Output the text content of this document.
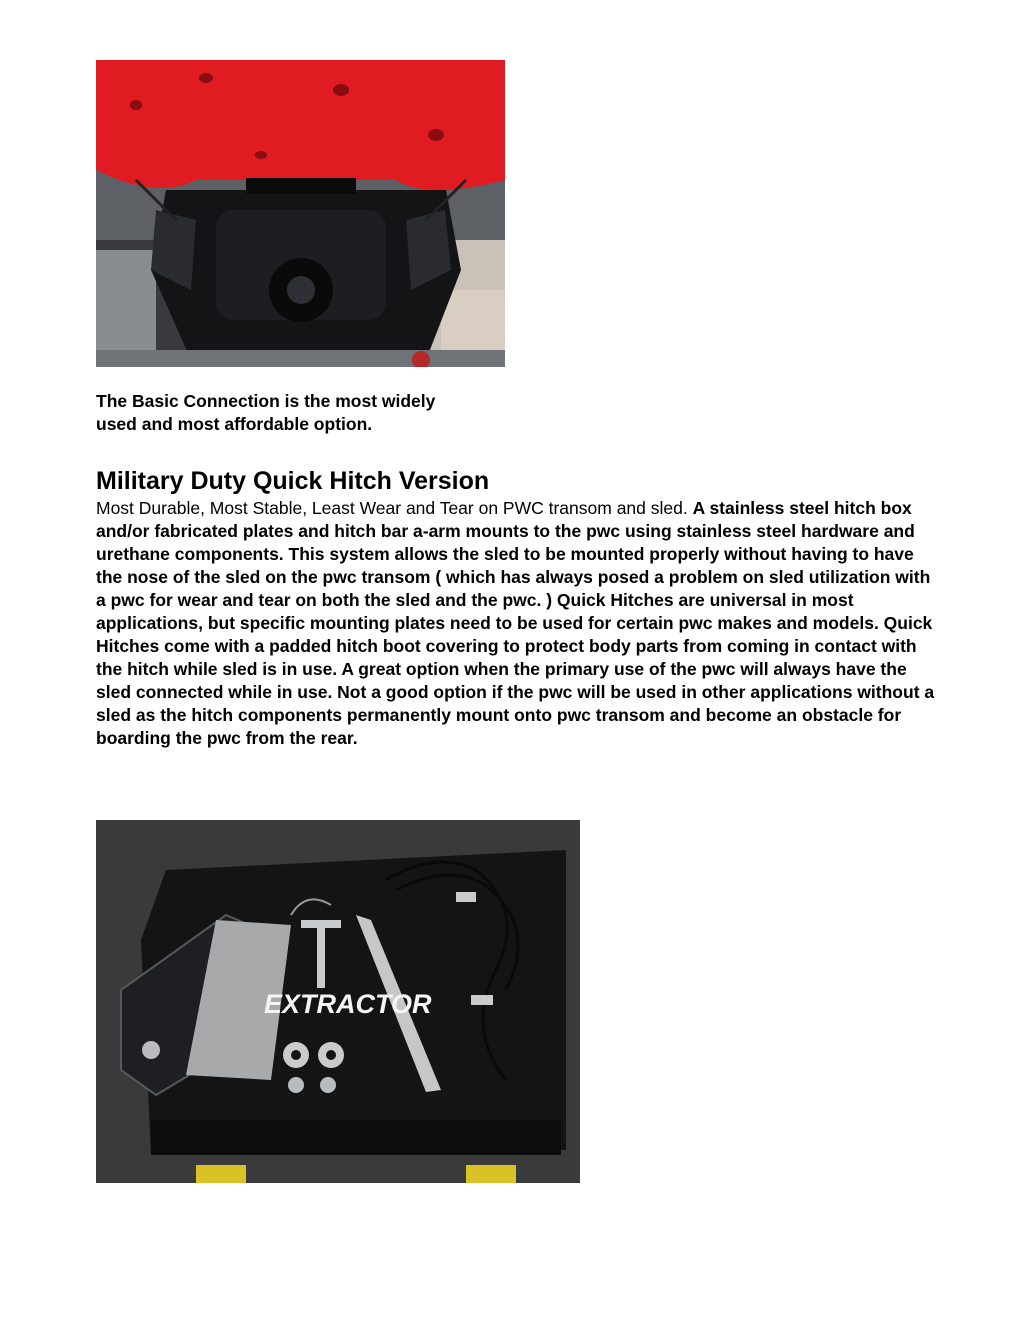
The Basic Connection is the most widely
used and most affordable option.
Military Duty Quick Hitch Version
Most Durable, Most Stable, Least Wear and Tear on PWC transom and sled. A stainless steel hitch box and/or fabricated plates and hitch bar a-arm mounts to the pwc using stainless steel hardware and
urethane components. This system allows the sled to be mounted properly without having to have the nose of the sled on the pwc transom ( which has always posed a problem on sled utilization with a pwc for wear and tear on both the sled and the pwc. ) Quick Hitches are universal in most applications, but specific mounting plates need to be used for certain pwc makes and models. Quick Hitches come with a padded hitch boot covering to protect body parts from coming in contact with the hitch while sled is in use. A great option when the primary use of the pwc will always have the sled connected while in use. Not a good option if the pwc will be used in other applications without a sled as the hitch components permanently mount onto pwc transom and become an obstacle for boarding the pwc from the rear.
EXTRACTOR
